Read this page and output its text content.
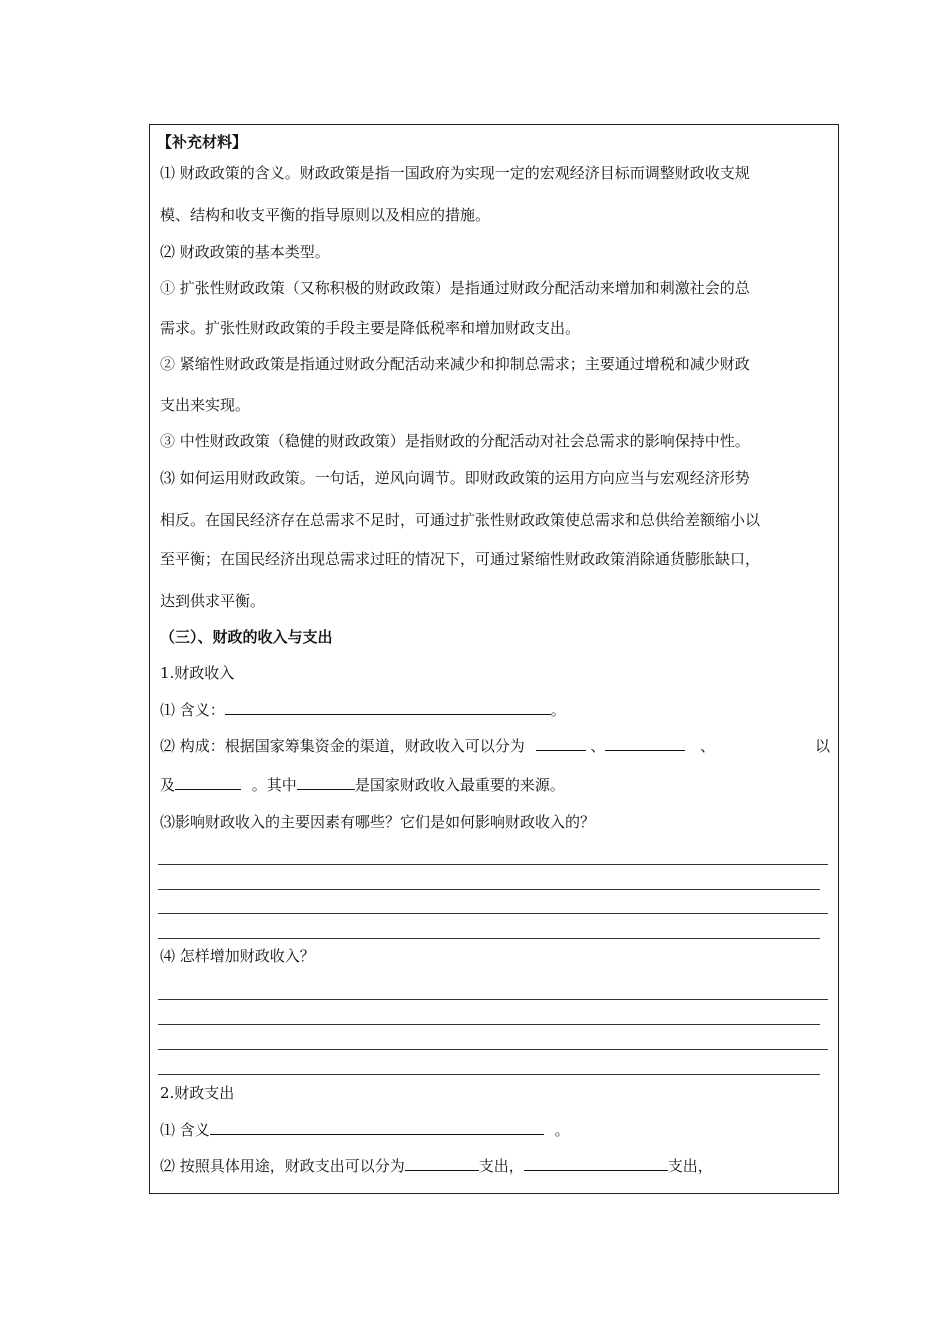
【补充材料】
⑴ 财政政策的含义。财政政策是指一国政府为实现一定的宏观经济目标而调整财政收支规
模、结构和收支平衡的指导原则以及相应的措施。
⑵ 财政政策的基本类型。
① 扩张性财政政策（又称积极的财政政策）是指通过财政分配活动来增加和刺激社会的总
需求。扩张性财政政策的手段主要是降低税率和增加财政支出。
② 紧缩性财政政策是指通过财政分配活动来减少和抑制总需求；主要通过增税和减少财政
支出来实现。
③ 中性财政政策（稳健的财政政策）是指财政的分配活动对社会总需求的影响保持中性。
⑶ 如何运用财政政策。一句话，逆风向调节。即财政政策的运用方向应当与宏观经济形势
相反。在国民经济存在总需求不足时，可通过扩张性财政政策使总需求和总供给差额缩小以
至平衡；在国民经济出现总需求过旺的情况下，可通过紧缩性财政政策消除通货膨胀缺口，
达到供求平衡。
（三）、财政的收入与支出
1.财政收入
⑴ 含义：	。
⑵ 构成：根据国家筹集资金的渠道，财政收入可以分为	、	、	以
及	。其中	是国家财政收入最重要的来源。
⑶影响财政收入的主要因素有哪些？它们是如何影响财政收入的？
⑷ 怎样增加财政收入？
2.财政支出
⑴ 含义	。
⑵ 按照具体用途，财政支出可以分为	支出，	支出，
